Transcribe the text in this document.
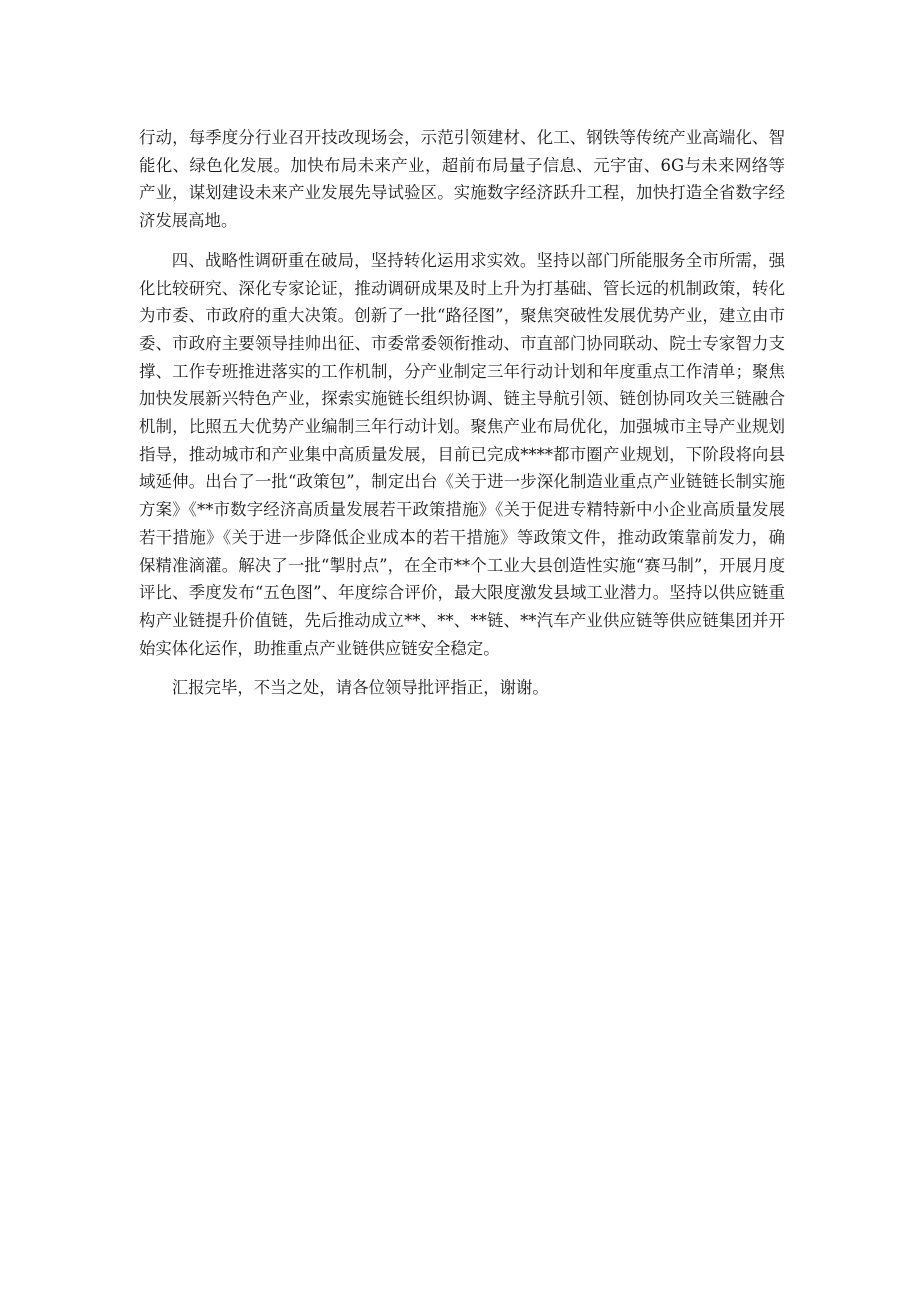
行动，每季度分行业召开技改现场会，示范引领建材、化工、钢铁等传统产业高端化、智能化、绿色化发展。加快布局未来产业，超前布局量子信息、元宇宙、6G与未来网络等产业，谋划建设未来产业发展先导试验区。实施数字经济跃升工程，加快打造全省数字经济发展高地。

四、战略性调研重在破局，坚持转化运用求实效。坚持以部门所能服务全市所需，强化比较研究、深化专家论证，推动调研成果及时上升为打基础、管长远的机制政策，转化为市委、市政府的重大决策。创新了一批“路径图”，聚焦突破性发展优势产业，建立由市委、市政府主要领导挂帅出征、市委常委领衔推动、市直部门协同联动、院士专家智力支撑、工作专班推进落实的工作机制，分产业制定三年行动计划和年度重点工作清单；聚焦加快发展新兴特色产业，探索实施链长组织协调、链主导航引领、链创协同攻关三链融合机制，比照五大优势产业编制三年行动计划。聚焦产业布局优化，加强城市主导产业规划指导，推动城市和产业集中高质量发展，目前已完成****都市圈产业规划，下阶段将向县域延伸。出台了一批“政策包”，制定出台《关于进一步深化制造业重点产业链链长制实施方案》《**市数字经济高质量发展若干政策措施》《关于促进专精特新中小企业高质量发展若干措施》《关于进一步降低企业成本的若干措施》等政策文件，推动政策靠前发力，确保精准滴灌。解决了一批“掣肘点”，在全市**个工业大县创造性实施“赛马制”，开展月度评比、季度发布“五色图”、年度综合评价，最大限度激发县域工业潜力。坚持以供应链重构产业链提升价值链，先后推动成立**、**、**链、**汽车产业供应链等供应链集团并开始实体化运作，助推重点产业链供应链安全稳定。

汇报完毕，不当之处，请各位领导批评指正，谢谢。
